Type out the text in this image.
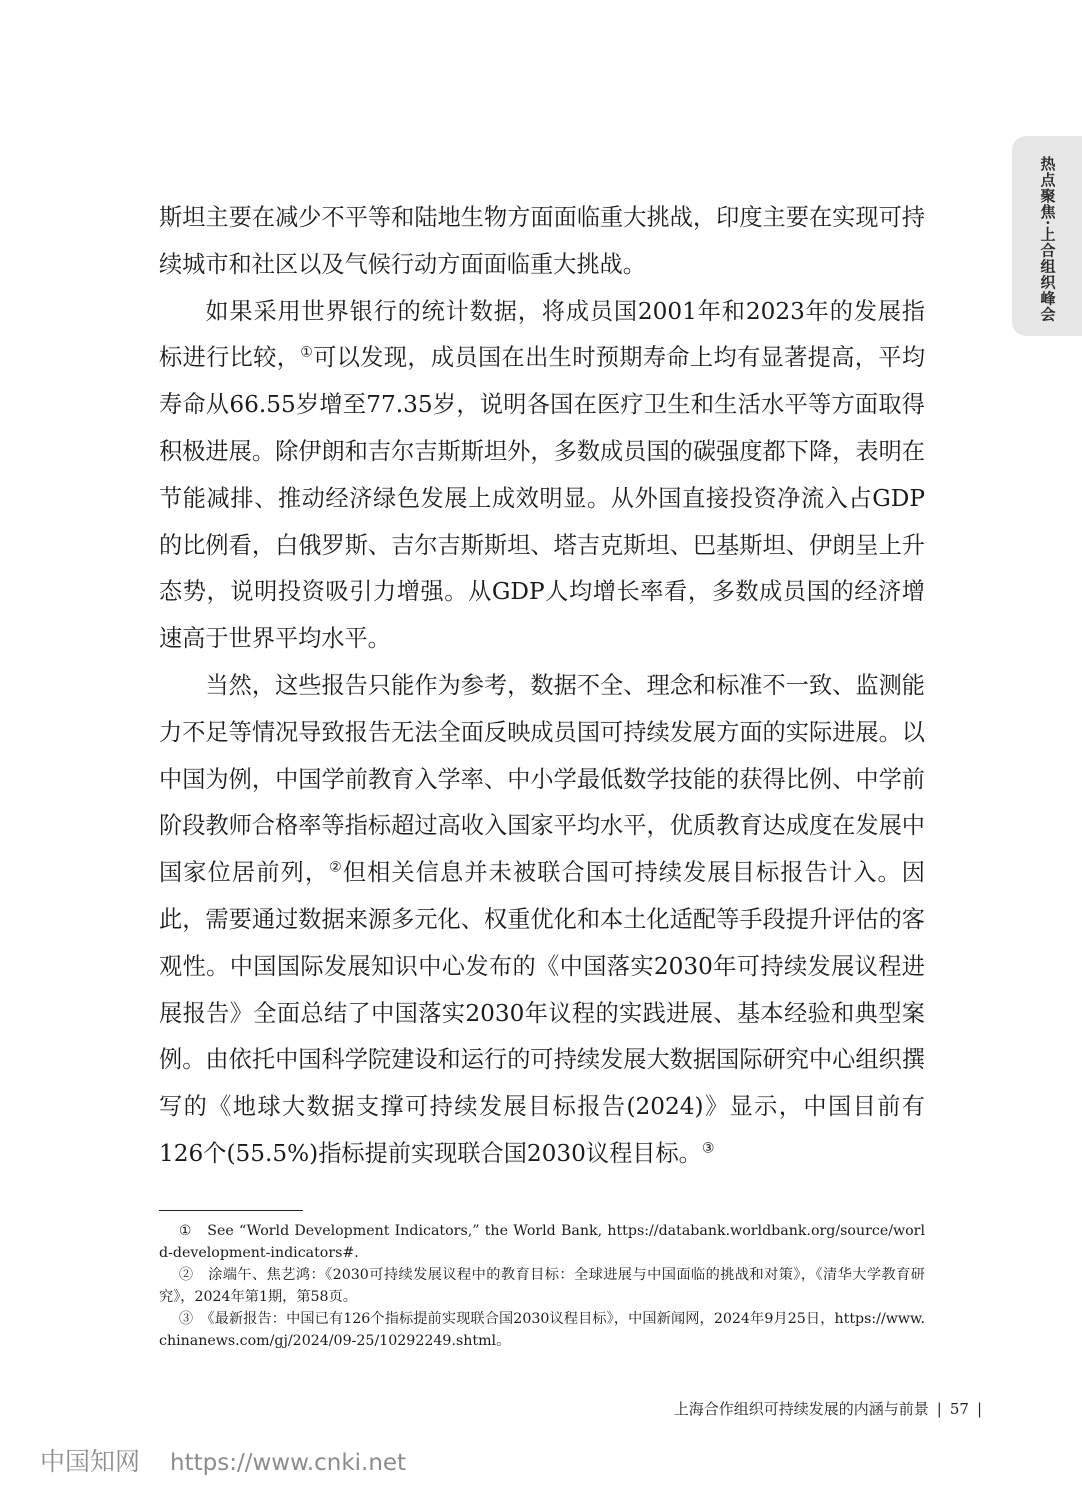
热点聚焦·上合组织峰会

斯坦主要在减少不平等和陆地生物方面面临重大挑战，印度主要在实现可持续城市和社区以及气候行动方面面临重大挑战。

如果采用世界银行的统计数据，将成员国2001年和2023年的发展指标进行比较，①可以发现，成员国在出生时预期寿命上均有显著提高，平均寿命从66.55岁增至77.35岁，说明各国在医疗卫生和生活水平等方面取得积极进展。除伊朗和吉尔吉斯斯坦外，多数成员国的碳强度都下降，表明在节能减排、推动经济绿色发展上成效明显。从外国直接投资净流入占GDP的比例看，白俄罗斯、吉尔吉斯斯坦、塔吉克斯坦、巴基斯坦、伊朗呈上升态势，说明投资吸引力增强。从GDP人均增长率看，多数成员国的经济增速高于世界平均水平。

当然，这些报告只能作为参考，数据不全、理念和标准不一致、监测能力不足等情况导致报告无法全面反映成员国可持续发展方面的实际进展。以中国为例，中国学前教育入学率、中小学最低数学技能的获得比例、中学前阶段教师合格率等指标超过高收入国家平均水平，优质教育达成度在发展中国家位居前列，②但相关信息并未被联合国可持续发展目标报告计入。因此，需要通过数据来源多元化、权重优化和本土化适配等手段提升评估的客观性。中国国际发展知识中心发布的《中国落实2030年可持续发展议程进展报告》全面总结了中国落实2030年议程的实践进展、基本经验和典型案例。由依托中国科学院建设和运行的可持续发展大数据国际研究中心组织撰写的《地球大数据支撑可持续发展目标报告(2024)》显示，中国目前有126个(55.5%)指标提前实现联合国2030议程目标。③

①　See “World Development Indicators,” the World Bank, https://databank.worldbank.org/source/world-development-indicators#.

②　涂端午、焦艺鸿：《2030可持续发展议程中的教育目标：全球进展与中国面临的挑战和对策》，《清华大学教育研究》，2024年第1期，第58页。

③　《最新报告：中国已有126个指标提前实现联合国2030议程目标》，中国新闻网，2024年9月25日，https://www.chinanews.com/gj/2024/09-25/10292249.shtml。

上海合作组织可持续发展的内涵与前景 | 57 |
中国知网 https://www.cnki.net
